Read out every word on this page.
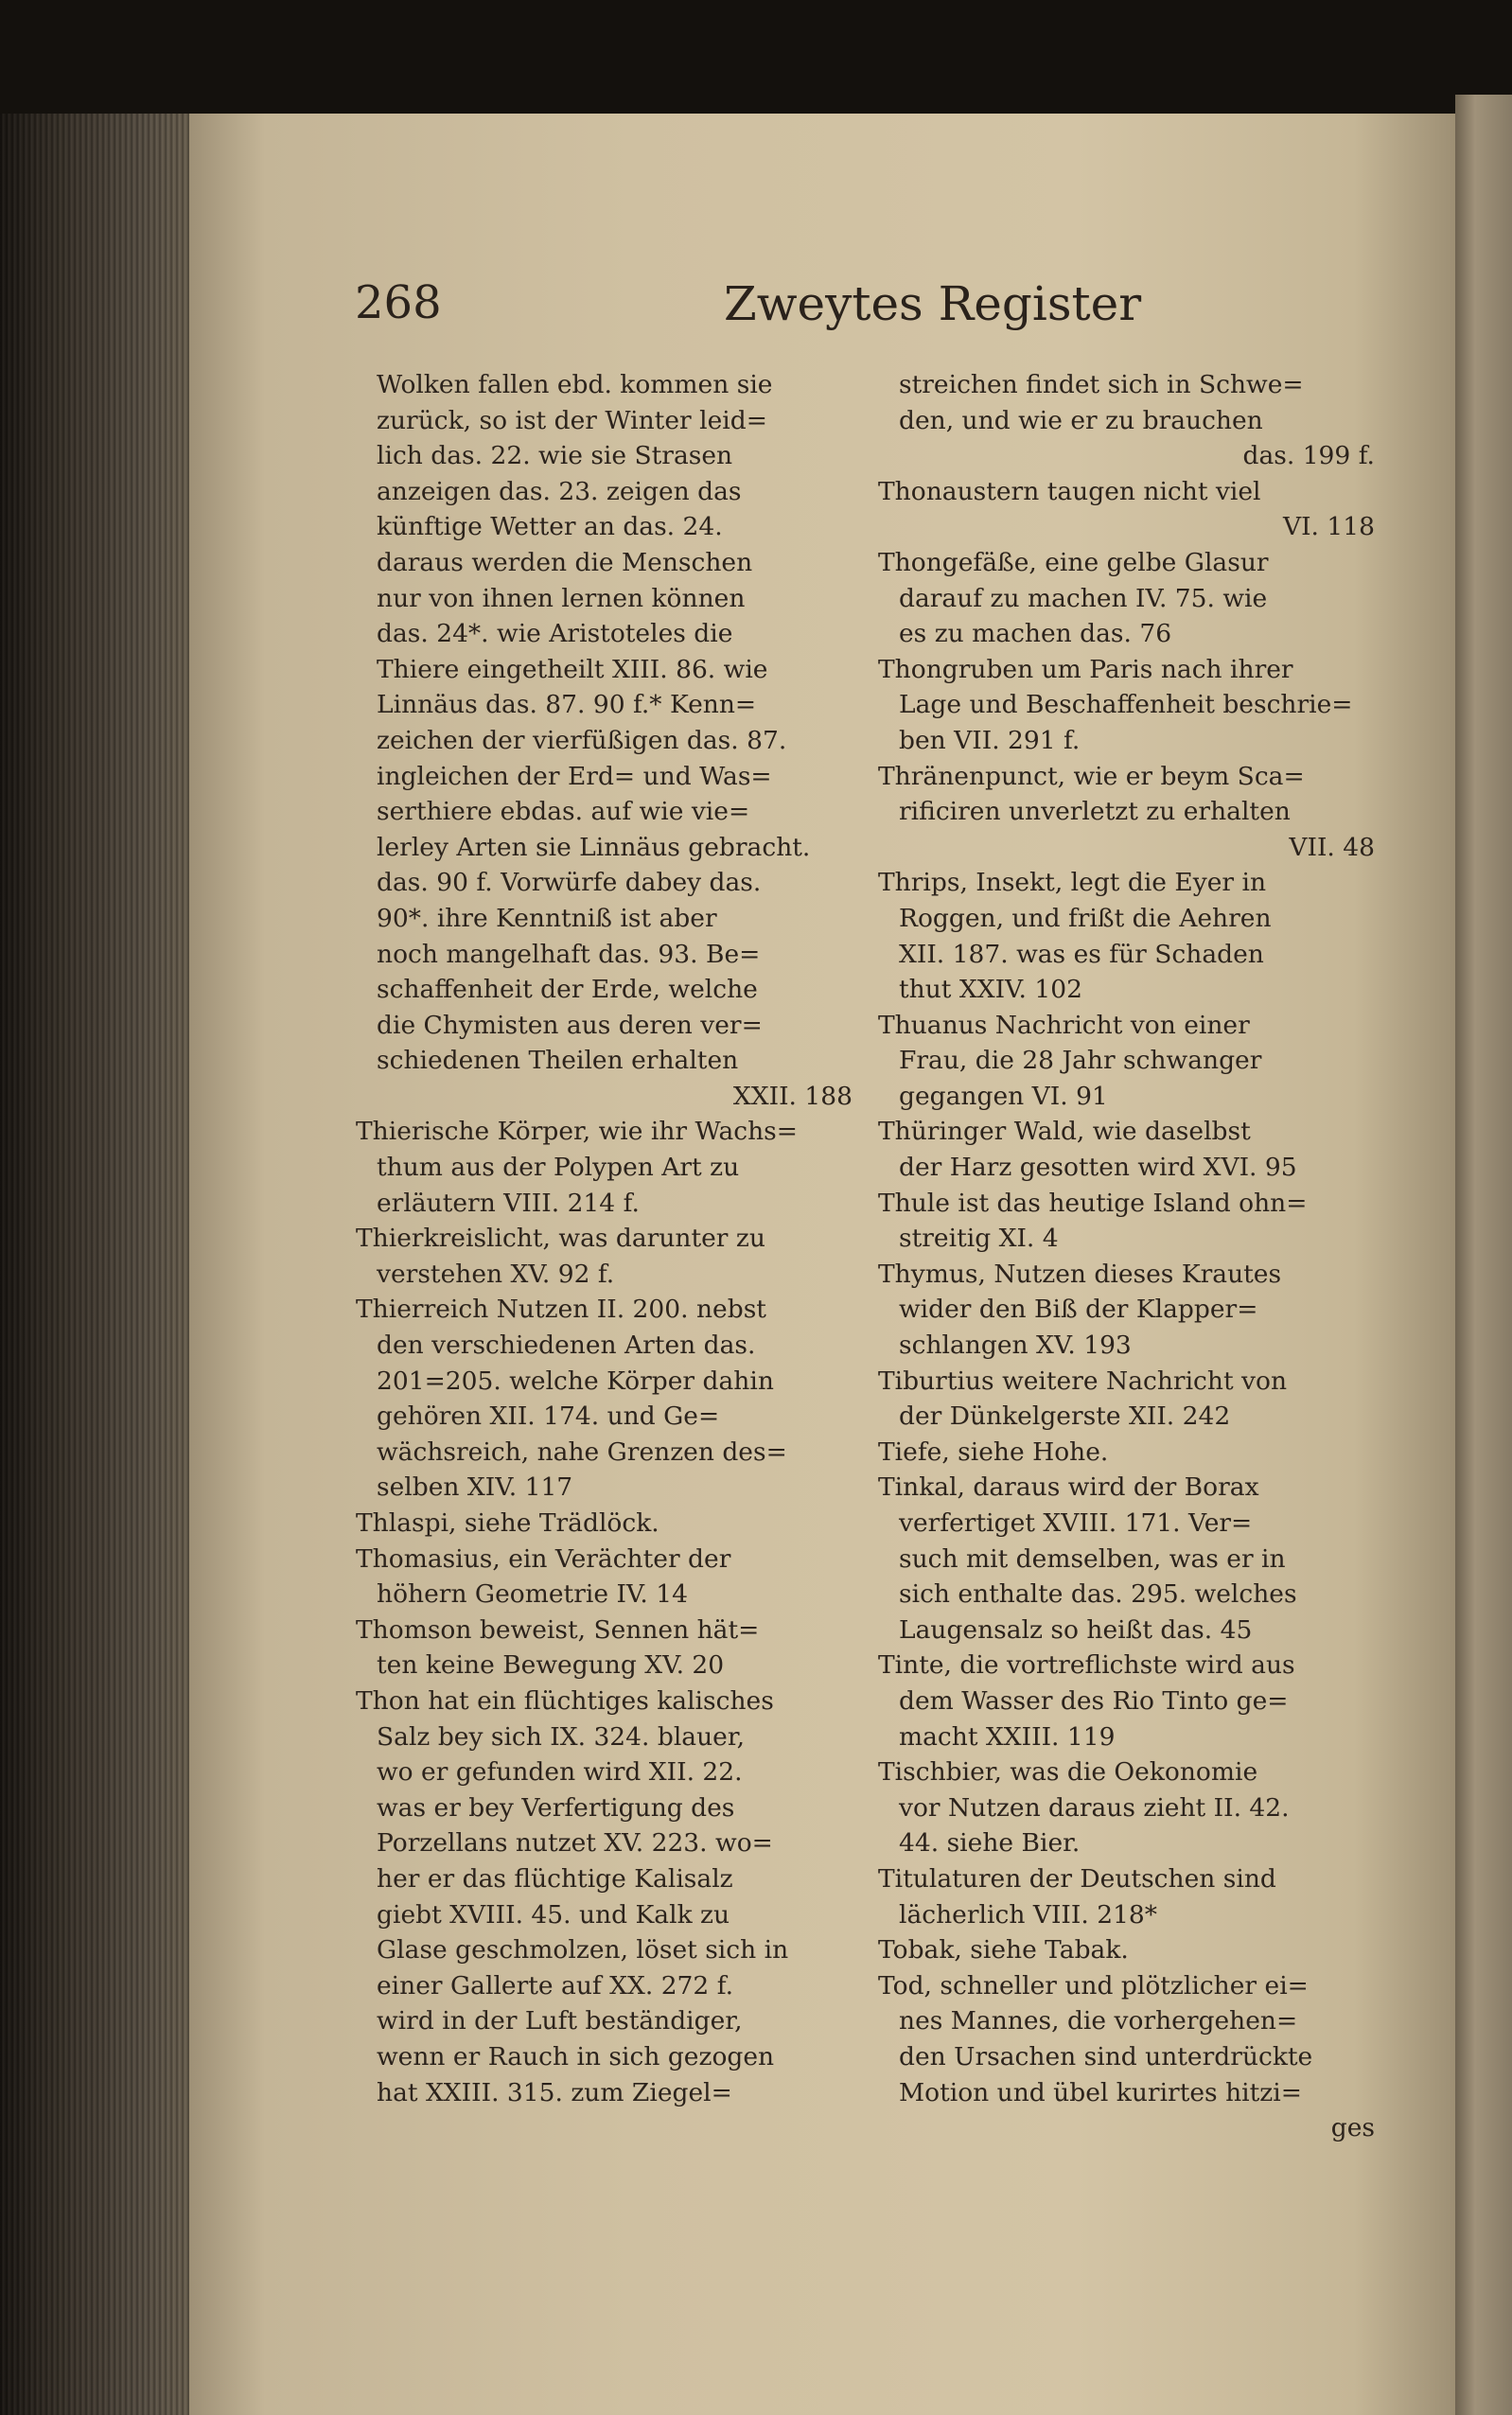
268	Zweytes Register
Wolken fallen ebd. kommen sie
zurück, so ist der Winter leid=
lich das. 22. wie sie Strasen
anzeigen das. 23. zeigen das
künftige Wetter an das. 24.
daraus werden die Menschen
nur von ihnen lernen können
das. 24*. wie Aristoteles die
Thiere eingetheilt XIII. 86. wie
Linnäus das. 87. 90 f.* Kenn=
zeichen der vierfüßigen das. 87.
ingleichen der Erd= und Was=
serthiere ebdas. auf wie vie=
lerley Arten sie Linnäus gebracht.
das. 90 f. Vorwürfe dabey das.
90*. ihre Kenntniß ist aber
noch mangelhaft das. 93. Be=
schaffenheit der Erde, welche
die Chymisten aus deren ver=
schiedenen Theilen erhalten
XXII. 188
Thierische Körper, wie ihr Wachs=
thum aus der Polypen Art zu
erläutern VIII. 214 f.
Thierkreislicht, was darunter zu
verstehen XV. 92 f.
Thierreich Nutzen II. 200. nebst
den verschiedenen Arten das.
201=205. welche Körper dahin
gehören XII. 174. und Ge=
wächsreich, nahe Grenzen des=
selben XIV. 117
Thlaspi, siehe Trädlöck.
Thomasius, ein Verächter der
höhern Geometrie IV. 14
Thomson beweist, Sennen hät=
ten keine Bewegung XV. 20
Thon hat ein flüchtiges kalisches
Salz bey sich IX. 324. blauer,
wo er gefunden wird XII. 22.
was er bey Verfertigung des
Porzellans nutzet XV. 223. wo=
her er das flüchtige Kalisalz
giebt XVIII. 45. und Kalk zu
Glase geschmolzen, löset sich in
einer Gallerte auf XX. 272 f.
wird in der Luft beständiger,
wenn er Rauch in sich gezogen
hat XXIII. 315. zum Ziegel=
streichen findet sich in Schwe=
den, und wie er zu brauchen
das. 199 f.
Thonaustern taugen nicht viel
VI. 118
Thongefäße, eine gelbe Glasur
darauf zu machen IV. 75. wie
es zu machen das. 76
Thongruben um Paris nach ihrer
Lage und Beschaffenheit beschrie=
ben VII. 291 f.
Thränenpunct, wie er beym Sca=
rificiren unverletzt zu erhalten
VII. 48
Thrips, Insekt, legt die Eyer in
Roggen, und frißt die Aehren
XII. 187. was es für Schaden
thut XXIV. 102
Thuanus Nachricht von einer
Frau, die 28 Jahr schwanger
gegangen VI. 91
Thüringer Wald, wie daselbst
der Harz gesotten wird XVI. 95
Thule ist das heutige Island ohn=
streitig XI. 4
Thymus, Nutzen dieses Krautes
wider den Biß der Klapper=
schlangen XV. 193
Tiburtius weitere Nachricht von
der Dünkelgerste XII. 242
Tiefe, siehe Hohe.
Tinkal, daraus wird der Borax
verfertiget XVIII. 171. Ver=
such mit demselben, was er in
sich enthalte das. 295. welches
Laugensalz so heißt das. 45
Tinte, die vortreflichste wird aus
dem Wasser des Rio Tinto ge=
macht XXIII. 119
Tischbier, was die Oekonomie
vor Nutzen daraus zieht II. 42.
44. siehe Bier.
Titulaturen der Deutschen sind
lächerlich VIII. 218*
Tobak, siehe Tabak.
Tod, schneller und plötzlicher ei=
nes Mannes, die vorhergehen=
den Ursachen sind unterdrückte
Motion und übel kurirtes hitzi=
ges
